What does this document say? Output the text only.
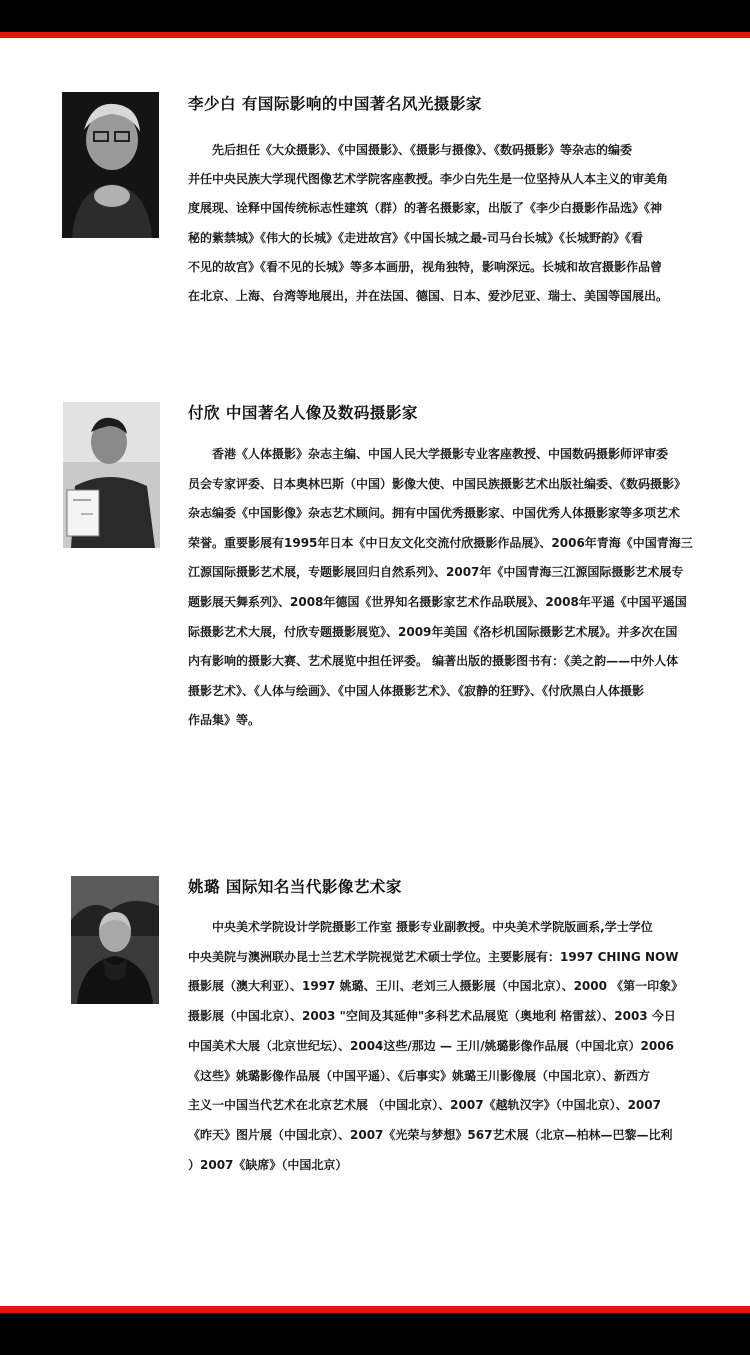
李少白 有国际影响的中国著名风光摄影家
　　先后担任《大众摄影》、《中国摄影》、《摄影与摄像》、《数码摄影》等杂志的编委
并任中央民族大学现代图像艺术学院客座教授。李少白先生是一位坚持从人本主义的审美角
度展现、诠释中国传统标志性建筑（群）的著名摄影家，出版了《李少白摄影作品选》《神
秘的紫禁城》《伟大的长城》《走进故宫》《中国长城之最-司马台长城》《长城野韵》《看
不见的故宫》《看不见的长城》等多本画册，视角独特，影响深远。长城和故宫摄影作品曾
在北京、上海、台湾等地展出，并在法国、德国、日本、爱沙尼亚、瑞士、美国等国展出。
付欣 中国著名人像及数码摄影家
　　香港《人体摄影》杂志主编、中国人民大学摄影专业客座教授、中国数码摄影师评审委
员会专家评委、日本奥林巴斯（中国）影像大使、中国民族摄影艺术出版社编委、《数码摄影》
杂志编委《中国影像》杂志艺术顾问。拥有中国优秀摄影家、中国优秀人体摄影家等多项艺术
荣誉。重要影展有1995年日本《中日友文化交流付欣摄影作品展》、2006年青海《中国青海三
江源国际摄影艺术展，专题影展回归自然系列》、2007年《中国青海三江源国际摄影艺术展专
题影展天舞系列》、2008年德国《世界知名摄影家艺术作品联展》、2008年平遥《中国平遥国
际摄影艺术大展，付欣专题摄影展览》、2009年美国《洛杉机国际摄影艺术展》。并多次在国
内有影响的摄影大赛、艺术展览中担任评委。 编著出版的摄影图书有：《美之韵——中外人体
摄影艺术》、《人体与绘画》、《中国人体摄影艺术》、《寂静的狂野》、《付欣黑白人体摄影
作品集》等。
姚璐 国际知名当代影像艺术家
　　中央美术学院设计学院摄影工作室 摄影专业副教授。中央美术学院版画系,学士学位
中央美院与澳洲联办昆士兰艺术学院视觉艺术硕士学位。主要影展有：1997 CHING NOW
摄影展（澳大利亚）、1997 姚璐、王川、老刘三人摄影展（中国北京）、2000 《第一印象》
摄影展（中国北京）、2003 "空间及其延伸"多科艺术品展览（奥地利 格雷兹）、2003 今日
中国美术大展（北京世纪坛）、2004这些/那边 — 王川/姚璐影像作品展（中国北京）2006
《这些》姚璐影像作品展（中国平遥）、《后事实》姚璐王川影像展（中国北京）、新西方
主义一中国当代艺术在北京艺术展 （中国北京）、2007《越轨汉字》（中国北京）、2007
《昨天》图片展（中国北京）、2007《光荣与梦想》567艺术展（北京—柏林—巴黎—比利
）2007《缺席》（中国北京）
